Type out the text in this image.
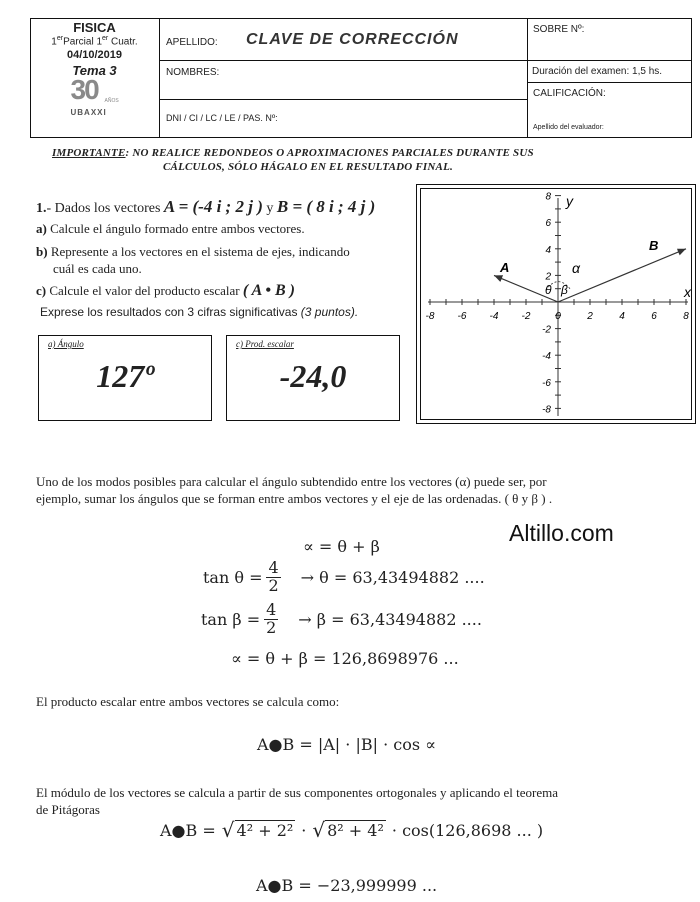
FISICA
1erParcial 1er Cuatr.
04/10/2019
Tema 3
30 AÑOS
UBAXXI
APELLIDO: CLAVE DE CORRECCIÓN
NOMBRES:
DNI / CI / LC / LE / PAS. Nº:
SOBRE Nº:
Duración del examen: 1,5 hs.
CALIFICACIÓN:
Apellido del evaluador:
IMPORTANTE: NO REALICE REDONDEOS O APROXIMACIONES PARCIALES DURANTE SUS
CÁLCULOS, SÓLO HÁGALO EN EL RESULTADO FINAL.
1.- Dados los vectores A = (-4 i ; 2 j ) y B = ( 8 i ; 4 j )
a) Calcule el ángulo formado entre ambos vectores.
b) Represente a los vectores en el sistema de ejes, indicando
cuál es cada uno.
c) Calcule el valor del producto escalar ( A • B )
Exprese los resultados con 3 cifras significativas (3 puntos).
a) Ángulo
127º
c) Prod. escalar
-24,0
-8 -6 -4 -2 0	2	4	6	8
8
6
4
2
-2
-4
-6
-8
y
x
A
B
α
θ β
Uno de los modos posibles para calcular el ángulo subtendido entre los vectores (α) puede ser, por
ejemplo, sumar los ángulos que se forman entre ambos vectores y el eje de las ordenadas. ( θ y β ) .
Altillo.com
∝ = θ + β
$\tan \theta = \frac{4}{2} \to \theta = 63,43494882$ ....
$\tan \beta = \frac{4}{2} \to \beta = 63,43494882$ ....
∝ = θ + β = 126,8698976 ...
El producto escalar entre ambos vectores se calcula como:
A●B = |A| · |B| · cos ∝
El módulo de los vectores se calcula a partir de sus componentes ortogonales y aplicando el teorema
de Pitágoras
A●B = √ 4² + 2² · √ 8² + 4² · cos(126,8698 ... )
A●B = −23,999999 ...
